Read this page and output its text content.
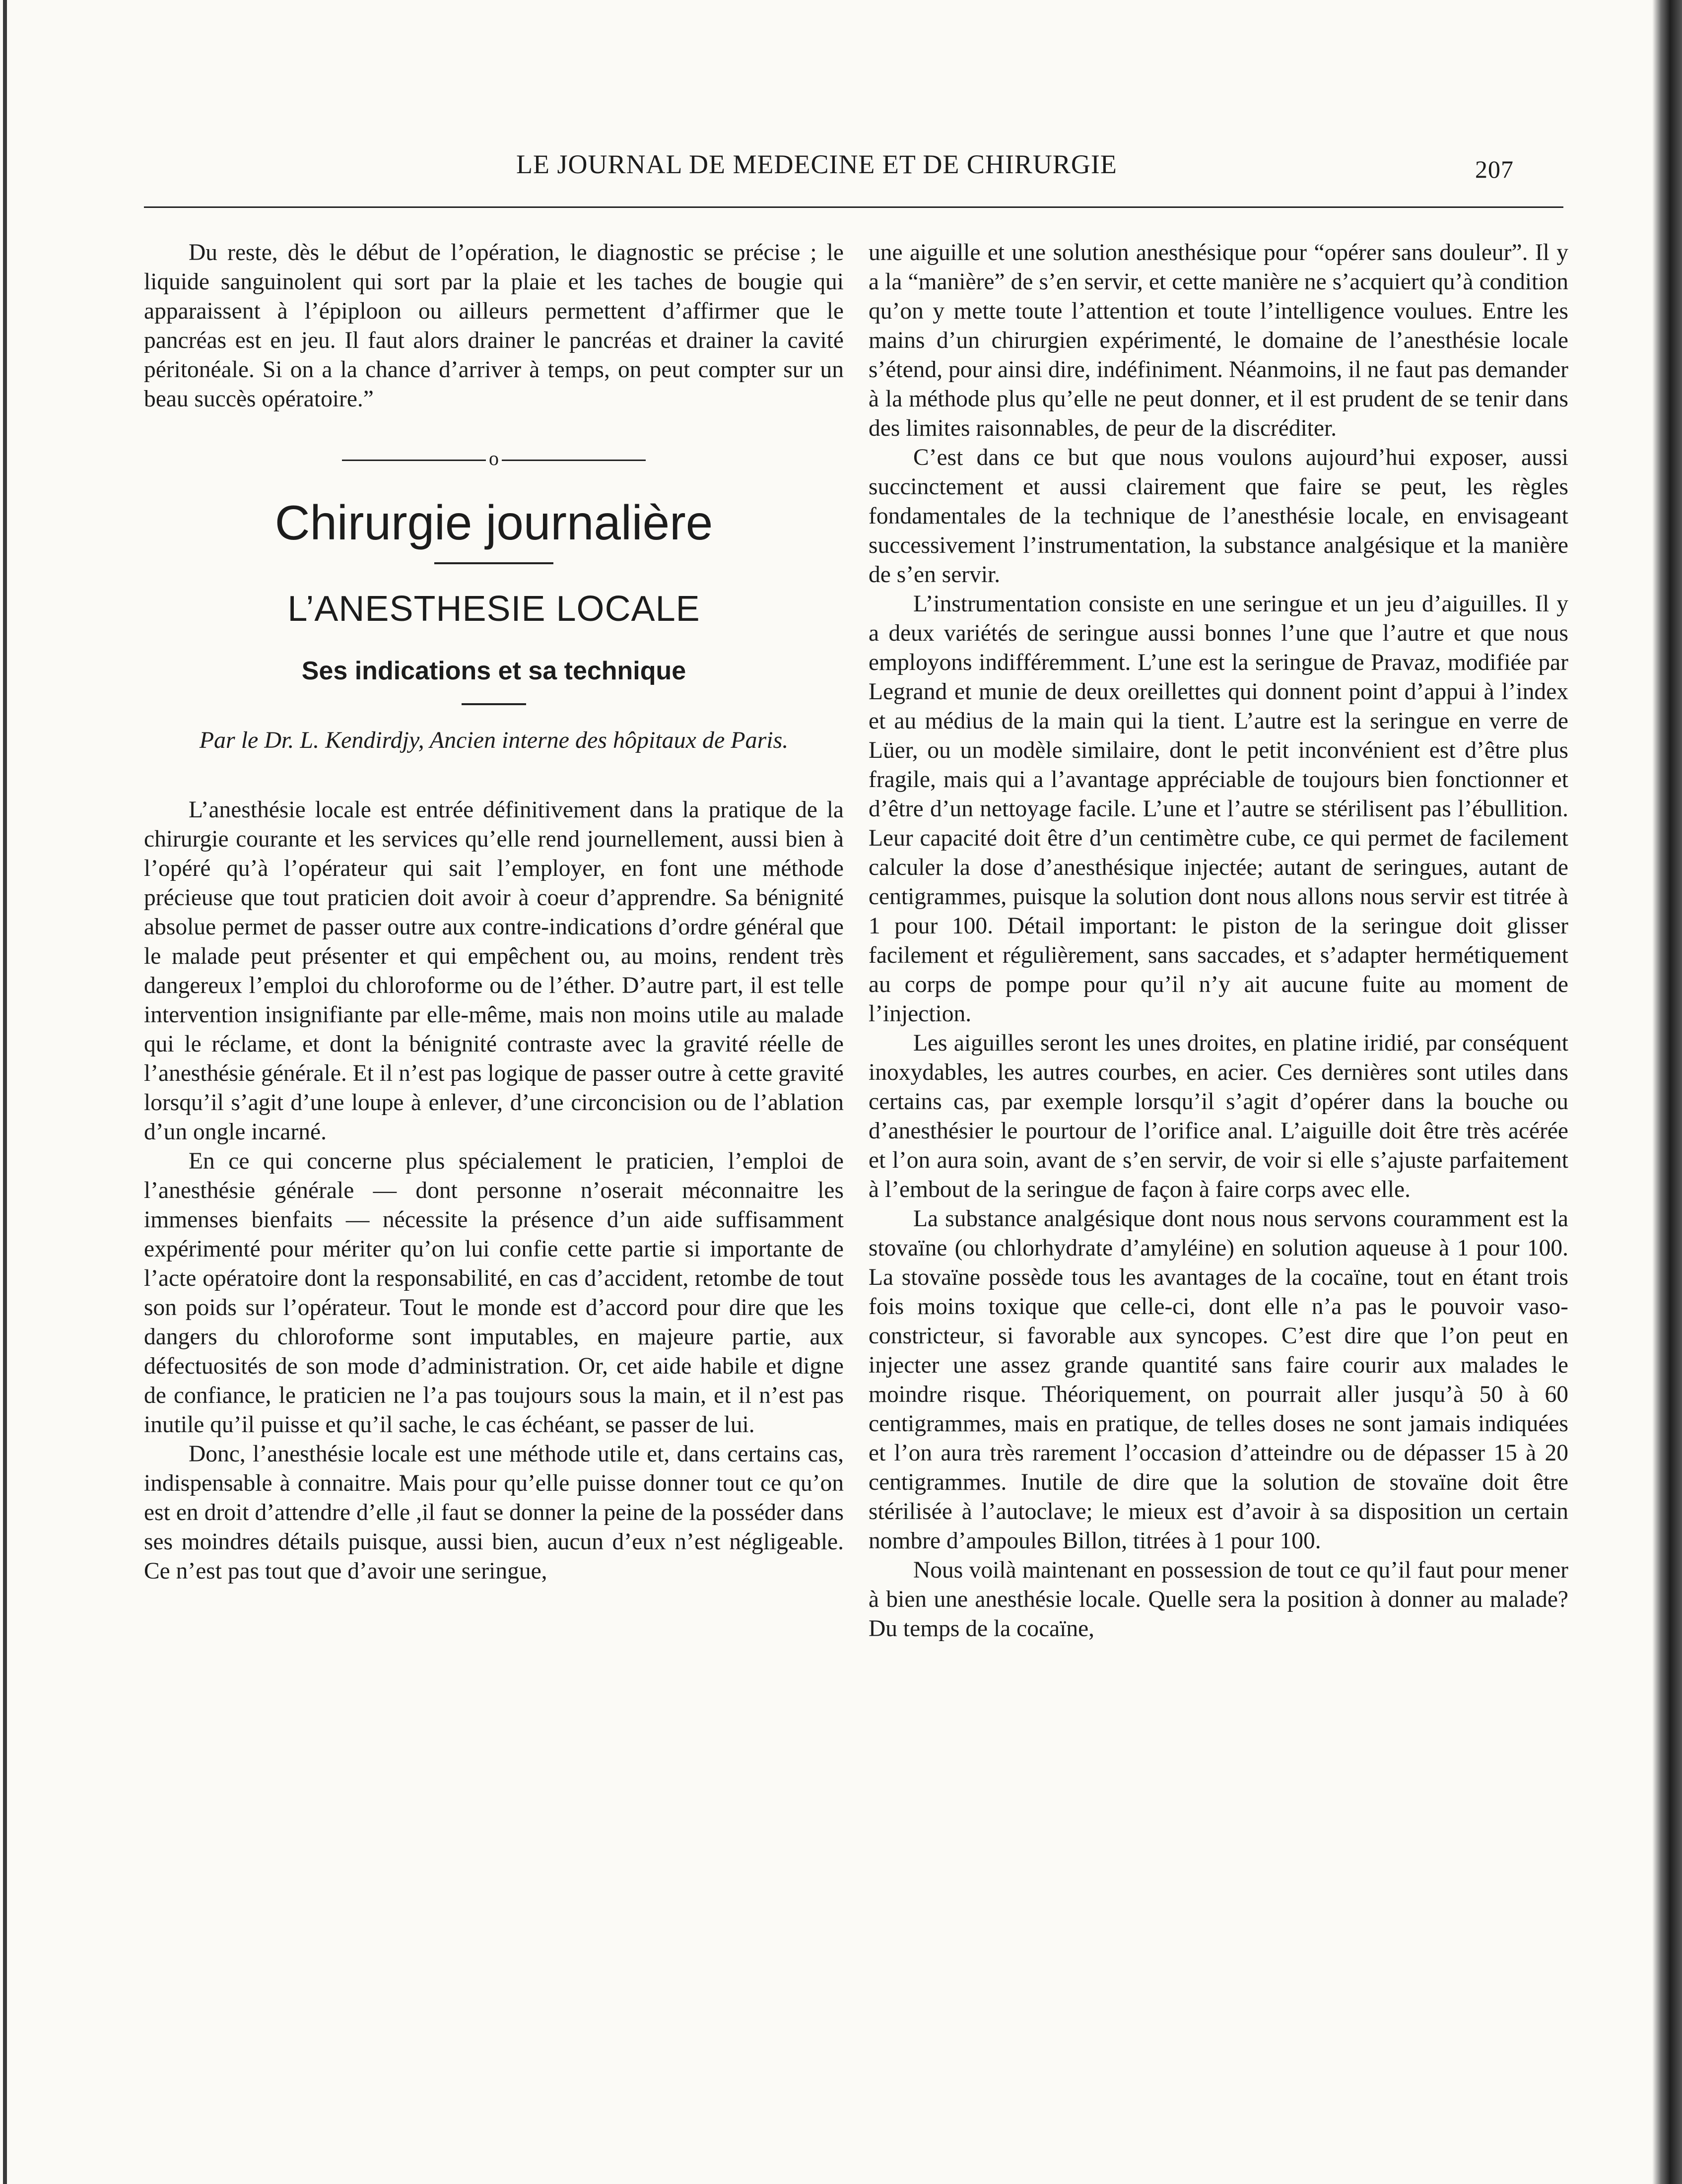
LE JOURNAL DE MEDECINE ET DE CHIRURGIE	207

Du reste, dès le début de l’opération, le diagnostic se précise ; le liquide sanguinolent qui sort par la plaie et les taches de bougie qui apparaissent à l’épiploon ou ailleurs permettent d’affirmer que le pancréas est en jeu. Il faut alors drainer le pancréas et drainer la cavité péritonéale. Si on a la chance d’arriver à temps, on peut compter sur un beau succès opératoire.”

o
Chirurgie journalière
L’ANESTHESIE LOCALE
Ses indications et sa technique
Par le Dr. L. Kendirdjy, Ancien interne des hôpitaux de Paris.

L’anesthésie locale est entrée définitivement dans la pratique de la chirurgie courante et les services qu’elle rend journellement, aussi bien à l’opéré qu’à l’opérateur qui sait l’employer, en font une méthode précieuse que tout praticien doit avoir à coeur d’apprendre. Sa bénignité absolue permet de passer outre aux contre-indications d’ordre général que le malade peut présenter et qui empêchent ou, au moins, rendent très dangereux l’emploi du chloroforme ou de l’éther. D’autre part, il est telle intervention insignifiante par elle-même, mais non moins utile au malade qui le réclame, et dont la bénignité contraste avec la gravité réelle de l’anesthésie générale. Et il n’est pas logique de passer outre à cette gravité lorsqu’il s’agit d’une loupe à enlever, d’une circoncision ou de l’ablation d’un ongle incarné.

En ce qui concerne plus spécialement le praticien, l’emploi de l’anesthésie générale — dont personne n’oserait méconnaitre les immenses bienfaits — nécessite la présence d’un aide suffisamment expérimenté pour mériter qu’on lui confie cette partie si importante de l’acte opératoire dont la responsabilité, en cas d’accident, retombe de tout son poids sur l’opérateur. Tout le monde est d’accord pour dire que les dangers du chloroforme sont imputables, en majeure partie, aux défectuosités de son mode d’administration. Or, cet aide habile et digne de confiance, le praticien ne l’a pas toujours sous la main, et il n’est pas inutile qu’il puisse et qu’il sache, le cas échéant, se passer de lui.

Donc, l’anesthésie locale est une méthode utile et, dans certains cas, indispensable à connaitre. Mais pour qu’elle puisse donner tout ce qu’on est en droit d’attendre d’elle ,il faut se donner la peine de la posséder dans ses moindres détails puisque, aussi bien, aucun d’eux n’est négligeable. Ce n’est pas tout que d’avoir une seringue,

une aiguille et une solution anesthésique pour “opérer sans douleur”. Il y a la “manière” de s’en servir, et cette manière ne s’acquiert qu’à condition qu’on y mette toute l’attention et toute l’intelligence voulues. Entre les mains d’un chirurgien expérimenté, le domaine de l’anesthésie locale s’étend, pour ainsi dire, indéfiniment. Néanmoins, il ne faut pas demander à la méthode plus qu’elle ne peut donner, et il est prudent de se tenir dans des limites raisonnables, de peur de la discréditer.

C’est dans ce but que nous voulons aujourd’hui exposer, aussi succinctement et aussi clairement que faire se peut, les règles fondamentales de la technique de l’anesthésie locale, en envisageant successivement l’instrumentation, la substance analgésique et la manière de s’en servir.

L’instrumentation consiste en une seringue et un jeu d’aiguilles. Il y a deux variétés de seringue aussi bonnes l’une que l’autre et que nous employons indifféremment. L’une est la seringue de Pravaz, modifiée par Legrand et munie de deux oreillettes qui donnent point d’appui à l’index et au médius de la main qui la tient. L’autre est la seringue en verre de Lüer, ou un modèle similaire, dont le petit inconvénient est d’être plus fragile, mais qui a l’avantage appréciable de toujours bien fonctionner et d’être d’un nettoyage facile. L’une et l’autre se stérilisent pas l’ébullition. Leur capacité doit être d’un centimètre cube, ce qui permet de facilement calculer la dose d’anesthésique injectée; autant de seringues, autant de centigrammes, puisque la solution dont nous allons nous servir est titrée à 1 pour 100. Détail important: le piston de la seringue doit glisser facilement et régulièrement, sans saccades, et s’adapter hermétiquement au corps de pompe pour qu’il n’y ait aucune fuite au moment de l’injection.

Les aiguilles seront les unes droites, en platine iridié, par conséquent inoxydables, les autres courbes, en acier. Ces dernières sont utiles dans certains cas, par exemple lorsqu’il s’agit d’opérer dans la bouche ou d’anesthésier le pourtour de l’orifice anal. L’aiguille doit être très acérée et l’on aura soin, avant de s’en servir, de voir si elle s’ajuste parfaitement à l’embout de la seringue de façon à faire corps avec elle.

La substance analgésique dont nous nous servons couramment est la stovaïne (ou chlorhydrate d’amyléine) en solution aqueuse à 1 pour 100. La stovaïne possède tous les avantages de la cocaïne, tout en étant trois fois moins toxique que celle-ci, dont elle n’a pas le pouvoir vaso-constricteur, si favorable aux syncopes. C’est dire que l’on peut en injecter une assez grande quantité sans faire courir aux malades le moindre risque. Théoriquement, on pourrait aller jusqu’à 50 à 60 centigrammes, mais en pratique, de telles doses ne sont jamais indiquées et l’on aura très rarement l’occasion d’atteindre ou de dépasser 15 à 20 centigrammes. Inutile de dire que la solution de stovaïne doit être stérilisée à l’autoclave; le mieux est d’avoir à sa disposition un certain nombre d’ampoules Billon, titrées à 1 pour 100.

Nous voilà maintenant en possession de tout ce qu’il faut pour mener à bien une anesthésie locale. Quelle sera la position à donner au malade? Du temps de la cocaïne,
